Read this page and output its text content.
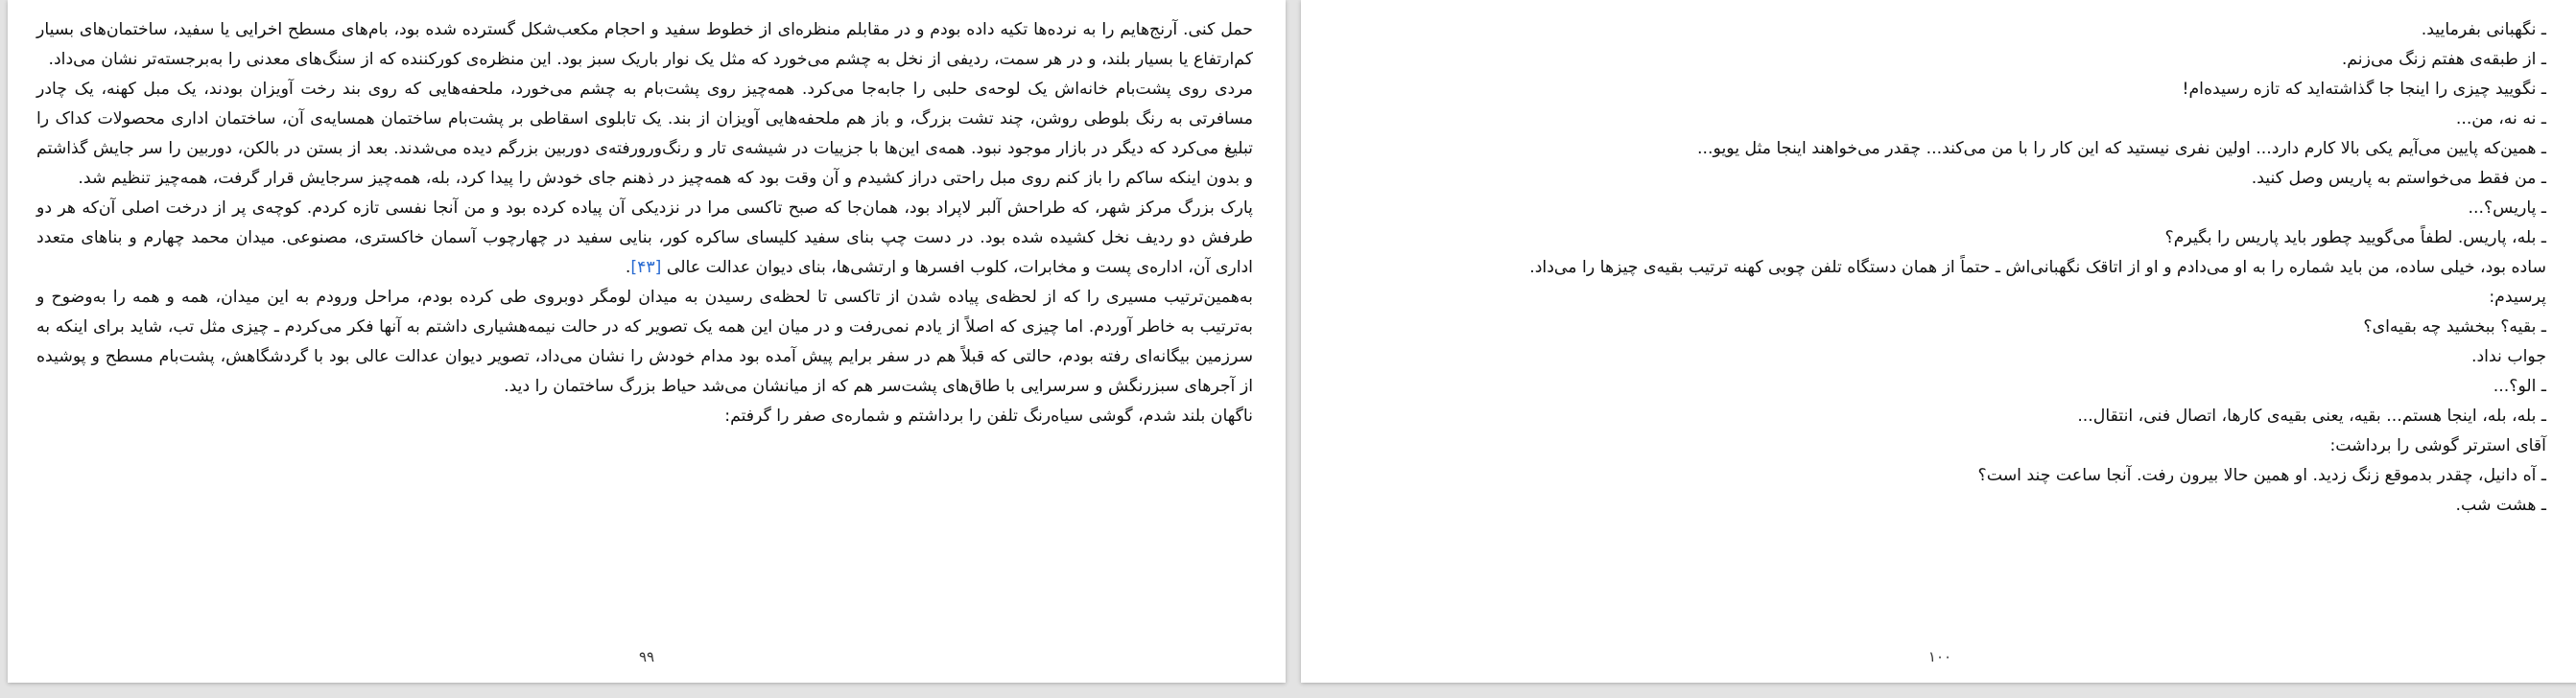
حمل کنی. آرنج‌هایم را به نرده‌ها تکیه داده بودم و در مقابلم منظره‌ای از خطوط سفید و احجام مکعب‌شکل گسترده شده بود، بام‌های مسطح اخرایی یا سفید، ساختمان‌های بسیار کم‌ارتفاع یا بسیار بلند، و در هر سمت، ردیفی از نخل به چشم می‌خورد که مثل یک نوار باریک سبز بود. این منظره‌ی کورکننده که از سنگ‌های معدنی را به‌برجسته‌تر نشان می‌داد.

مردی روی پشت‌بام خانه‌اش یک لوحه‌ی حلبی را جابه‌جا می‌کرد. همه‌چیز روی پشت‌بام به چشم می‌خورد، ملحفه‌هایی که روی بند رخت آویزان بودند، یک مبل کهنه، یک چادر مسافرتی به رنگ بلوطی روشن، چند تشت بزرگ، و باز هم ملحفه‌هایی آویزان از بند. یک تابلوی اسقاطی بر پشت‌بام ساختمان همسایه‌ی آن، ساختمان اداری محصولات کداک را تبلیغ می‌کرد که دیگر در بازار موجود نبود. همه‌ی این‌ها با جزییات در شیشه‌ی تار و رنگ‌ورورفته‌ی دوربین بزرگم دیده می‌شدند. بعد از بستن در بالکن، دوربین را سر جایش گذاشتم و بدون اینکه ساکم را باز کنم روی مبل راحتی دراز کشیدم و آن وقت بود که همه‌چیز در ذهنم جای خودش را پیدا کرد، بله، همه‌چیز سرجایش قرار گرفت، همه‌چیز تنظیم شد.

پارک بزرگ مرکز شهر، که طراحش آلبر لاپراد بود، همان‌جا که صبح تاکسی مرا در نزدیکی آن پیاده کرده بود و من آنجا نفسی تازه کردم. کوچه‌ی پر از درخت اصلی آن‌که هر دو طرفش دو ردیف نخل کشیده شده بود. در دست چپ بنای سفید کلیسای ساکره کور، بنایی سفید در چهارچوب آسمان خاکستری، مصنوعی. میدان محمد چهارم و بناهای متعدد اداری آن، اداره‌ی پست و مخابرات، کلوب افسرها و ارتشی‌ها، بنای دیوان عدالت عالی [۴۳].

به‌همین‌ترتیب مسیری را که از لحظه‌ی پیاده شدن از تاکسی تا لحظه‌ی رسیدن به میدان لومگر دوبروی طی کرده بودم، مراحل ورودم به این میدان، همه و همه را به‌وضوح و به‌ترتیب به خاطر آوردم. اما چیزی که اصلاً از یادم نمی‌رفت و در میان این همه یک تصویر که در حالت نیمه‌هشیاری داشتم به آنها فکر می‌کردم ـ چیزی مثل تب، شاید برای اینکه به سرزمین بیگانه‌ای رفته بودم، حالتی که قبلاً هم در سفر برایم پیش آمده بود مدام خودش را نشان می‌داد، تصویر دیوان عدالت عالی بود با گردشگاهش، پشت‌بام مسطح و پوشیده از آجرهای سبزرنگش و سرسرایی با طاق‌های پشت‌سر هم که از میانشان می‌شد حیاط بزرگ ساختمان را دید.

ناگهان بلند شدم، گوشی سیاه‌رنگ تلفن را برداشتم و شماره‌ی صفر را گرفتم:

۹۹

ـ نگهبانی بفرمایید.

ـ از طبقه‌ی هفتم زنگ می‌زنم.

ـ نگویید چیزی را اینجا جا گذاشته‌اید که تازه رسیده‌ام!

ـ نه نه، من...

ـ همین‌که پایین می‌آیم یکی بالا کارم دارد... اولین نفری نیستید که این کار را با من می‌کند... چقدر می‌خواهند اینجا مثل یویو...

ـ من فقط می‌خواستم به پاریس وصل کنید.

ـ پاریس؟...

ـ بله، پاریس. لطفاً می‌گویید چطور باید پاریس را بگیرم؟

ساده بود، خیلی ساده، من باید شماره را به او می‌دادم و او از اتاقک نگهبانی‌اش ـ حتماً از همان دستگاه تلفن چوبی کهنه ترتیب بقیه‌ی چیزها را می‌داد.

پرسیدم:

ـ بقیه؟ ببخشید چه بقیه‌ای؟

جواب نداد.

ـ الو؟...

ـ بله، بله، اینجا هستم... بقیه، یعنی بقیه‌ی کارها، اتصال فنی، انتقال...

آقای استرتر گوشی را برداشت:

ـ آه دانیل، چقدر بدموقع زنگ زدید. او همین حالا بیرون رفت. آنجا ساعت چند است؟

ـ هشت شب.

۱۰۰
